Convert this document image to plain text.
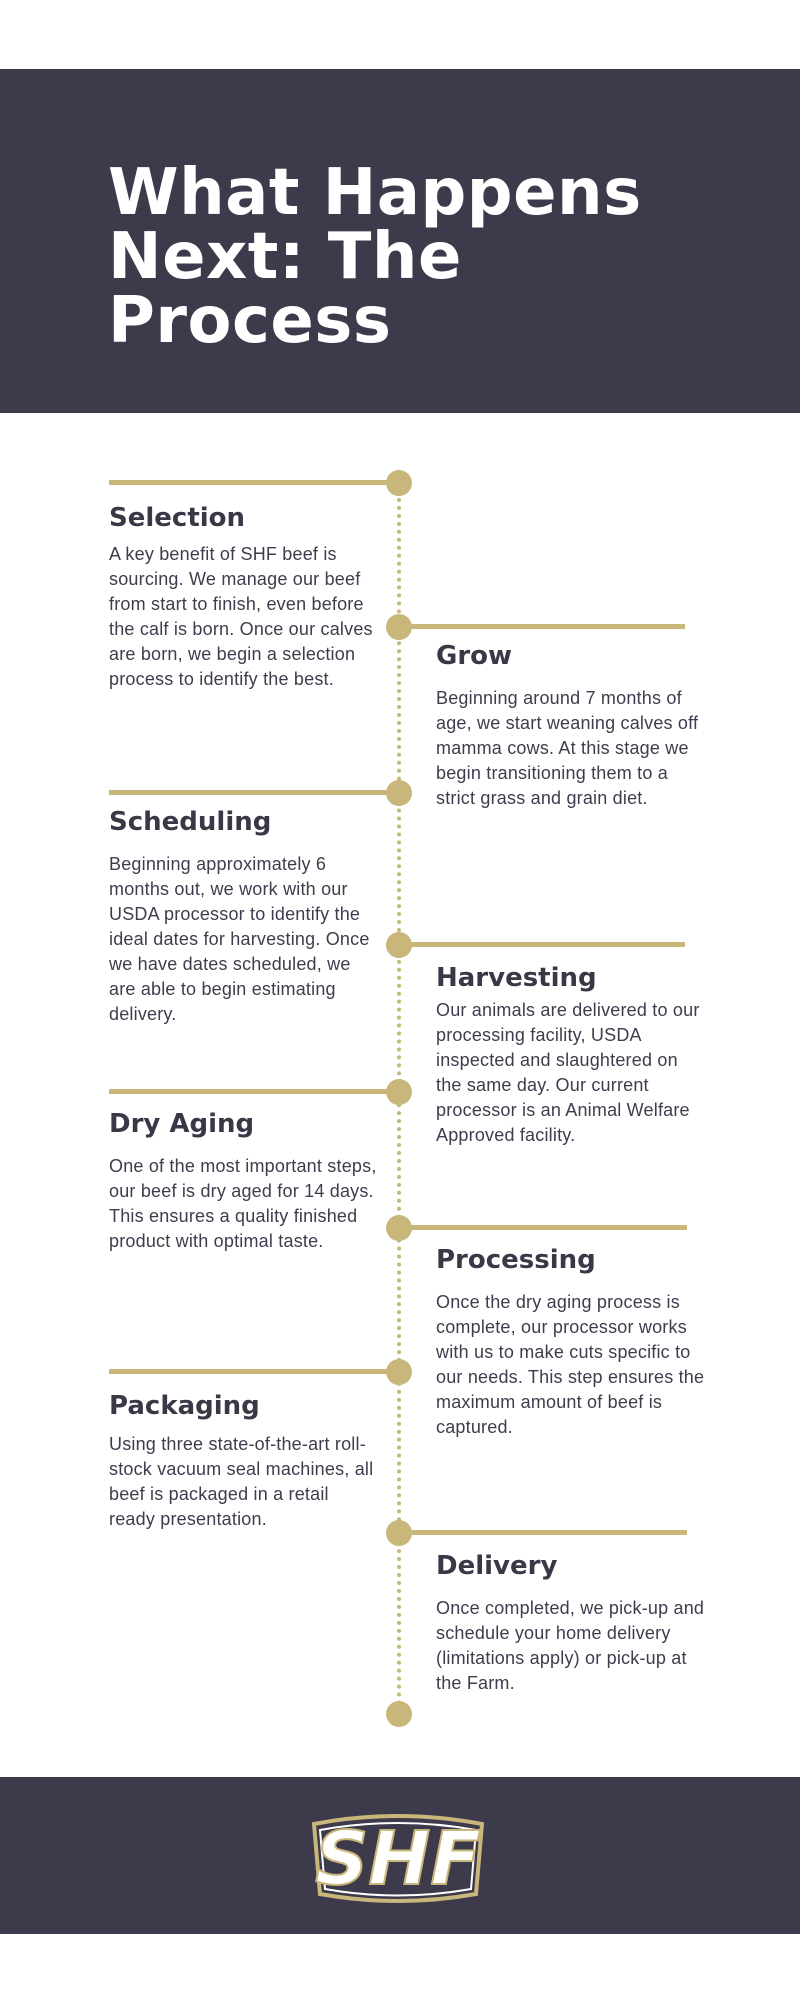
What Happens Next: The Process
Selection

A key benefit of SHF beef is sourcing. We manage our beef from start to finish, even before the calf is born. Once our calves are born, we begin a selection process to identify the best.

Grow

Beginning around 7 months of age, we start weaning calves off mamma cows. At this stage we begin transitioning them to a strict grass and grain diet.

Scheduling

Beginning approximately 6 months out, we work with our USDA processor to identify the ideal dates for harvesting. Once we have dates scheduled, we are able to begin estimating delivery.

Harvesting

Our animals are delivered to our processing facility, USDA inspected and slaughtered on the same day. Our current processor is an Animal Welfare Approved facility.

Dry Aging

One of the most important steps, our beef is dry aged for 14 days. This ensures a quality finished product with optimal taste.

Processing

Once the dry aging process is complete, our processor works with us to make cuts specific to our needs. This step ensures the maximum amount of beef is captured.

Packaging

Using three state-of-the-art roll-stock vacuum seal machines, all beef is packaged in a retail ready presentation.

Delivery

Once completed, we pick-up and schedule your home delivery (limitations apply) or pick-up at the Farm.

SHF
